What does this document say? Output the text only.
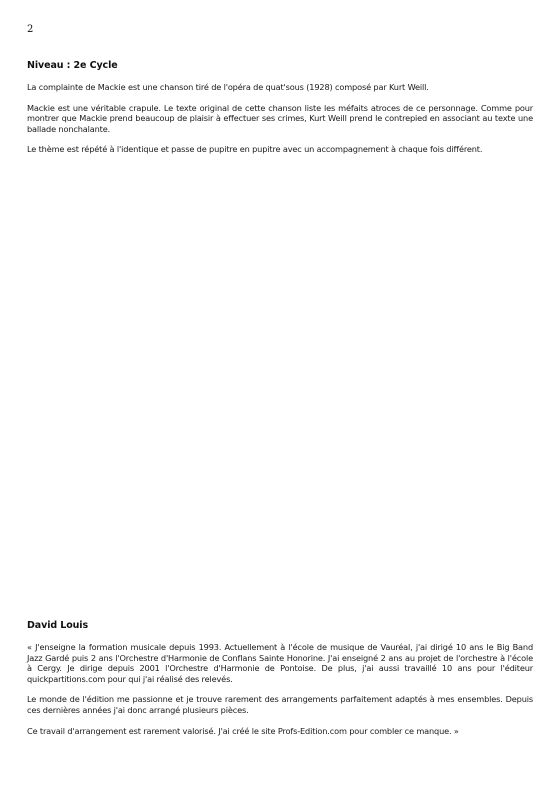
2
Niveau : 2e Cycle

La complainte de Mackie est une chanson tiré de l'opéra de quat'sous (1928) composé par Kurt Weill.

Mackie est une véritable crapule. Le texte original de cette chanson liste les méfaits atroces de ce personnage. Comme pour montrer que Mackie prend beaucoup de plaisir à effectuer ses crimes, Kurt Weill prend le contrepied en associant au texte une ballade nonchalante.

Le thème est répété à l'identique et passe de pupitre en pupitre avec un accompagnement à chaque fois différent.

David Louis

« J'enseigne la formation musicale depuis 1993. Actuellement à l'école de musique de Vauréal, j'ai dirigé 10 ans le Big Band Jazz Gardé puis 2 ans l'Orchestre d'Harmonie de Conflans Sainte Honorine. J'ai enseigné 2 ans au projet de l'orchestre à l'école à Cergy. Je dirige depuis 2001 l'Orchestre d'Harmonie de Pontoise. De plus, j'ai aussi travaillé 10 ans pour l'éditeur quickpartitions.com pour qui j'ai réalisé des relevés.

Le monde de l'édition me passionne et je trouve rarement des arrangements parfaitement adaptés à mes ensembles. Depuis ces dernières années j'ai donc arrangé plusieurs pièces.

Ce travail d'arrangement est rarement valorisé. J'ai créé le site Profs-Edition.com pour combler ce manque. »
